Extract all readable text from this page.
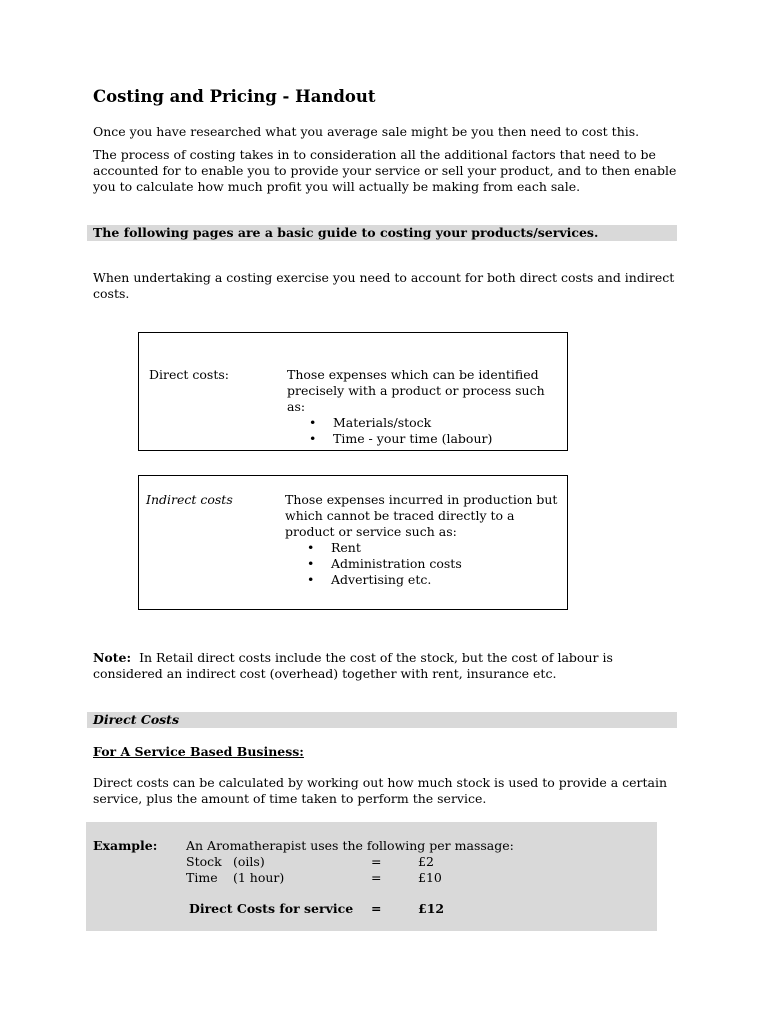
Costing and Pricing - Handout
Once you have researched what you average sale might be you then need to cost this.
The process of costing takes in to consideration all the additional factors that need to be accounted for to enable you to provide your service or sell your product, and to then enable you to calculate how much profit you will actually be making from each sale.
The following pages are a basic guide to costing your products/services.
When undertaking a costing exercise you need to account for both direct costs and indirect costs.
Direct costs:	Those expenses which can be identified precisely with a product or process such as:
• Materials/stock
• Time - your time (labour)
Indirect costs	Those expenses incurred in production but which cannot be traced directly to a product or service such as:
• Rent
• Administration costs
• Advertising etc.
Note: In Retail direct costs include the cost of the stock, but the cost of labour is considered an indirect cost (overhead) together with rent, insurance etc.
Direct Costs
For A Service Based Business:
Direct costs can be calculated by working out how much stock is used to provide a certain service, plus the amount of time taken to perform the service.
Example: An Aromatherapist uses the following per massage:
Stock (oils)	=	£2
Time (1 hour)	=	£10
Direct Costs for service =	£12
